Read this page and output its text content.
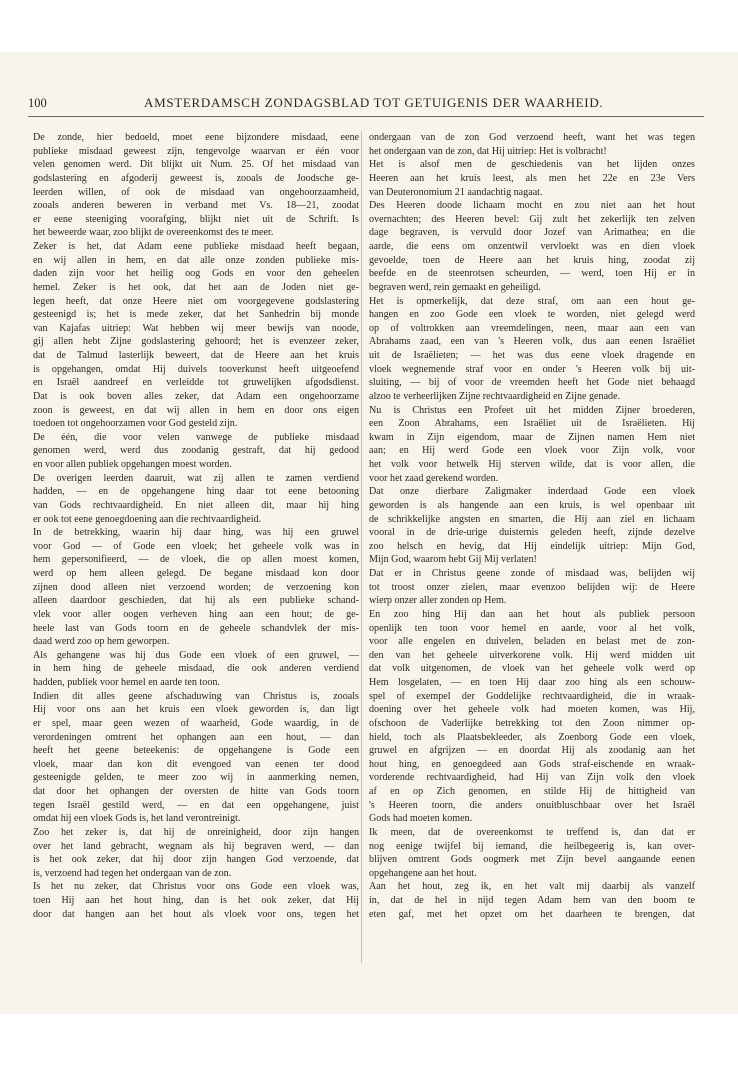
100	AMSTERDAMSCH ZONDAGSBLAD TOT GETUIGENIS DER WAARHEID.
De zonde, hier bedoeld, moet eene bijzondere misdaad, eene
publieke misdaad geweest zijn, tengevolge waarvan er één voor
velen genomen werd. Dit blijkt uit Num. 25. Of het misdaad van
godslastering en afgoderij geweest is, zooals de Joodsche ge-
leerden willen, of ook de misdaad van ongehoorzaamheid,
zooals anderen beweren in verband met Vs. 18—21, zoodat
er eene steeniging voorafging, blijkt niet uit de Schrift. Is
het beweerde waar, zoo blijkt de overeenkomst des te meer.
Zeker is het, dat Adam eene publieke misdaad heeft begaan,
en wij allen in hem, en dat alle onze zonden publieke mis-
daden zijn voor het heilig oog Gods en voor den geheelen
hemel. Zeker is het ook, dat het aan de Joden niet ge-
legen heeft, dat onze Heere niet om voorgegevene godslastering
gesteenigd is; het is mede zeker, dat het Sanhedrin bij monde
van Kajafas uitriep: Wat hebben wij meer bewijs van noode,
gij allen hebt Zijne godslastering gehoord; het is evenzeer zeker,
dat de Talmud lasterlijk beweert, dat de Heere aan het kruis
is opgehangen, omdat Hij duivels tooverkunst heeft uitgeoefend
en Israël aandreef en verleidde tot gruwelijken afgodsdienst.
Dat is ook boven alles zeker, dat Adam een ongehoorzame
zoon is geweest, en dat wij allen in hem en door ons eigen
toedoen tot ongehoorzamen voor God gesteld zijn.
De één, die voor velen vanwege de publieke misdaad
genomen werd, werd dus zoodanig gestraft, dat hij gedood
en voor allen publiek opgehangen moest worden.
De overigen leerden daaruit, wat zij allen te zamen verdiend
hadden, — en de opgehangene hing daar tot eene betooning
van Gods rechtvaardigheid. En niet alleen dit, maar hij hing
er ook tot eene genoegdoening aan die rechtvaardigheid.
In de betrekking, waarin hij daar hing, was hij een gruwel
voor God — of Gode een vloek; het geheele volk was in
hem gepersonifieerd, — de vloek, die op allen moest komen,
werd op hem alleen gelegd. De begane misdaad kon door
zijnen dood alleen niet verzoend worden; de verzoening kon
alleen daardoor geschieden, dat hij als een publieke schand-
vlek voor aller oogen verheven hing aan een hout; de ge-
heele last van Gods toorn en de geheele schandvlek der mis-
daad werd zoo op hem geworpen.
Als gehangene was hij dus Gode een vloek of een gruwel, —
in hem hing de geheele misdaad, die ook anderen verdiend
hadden, publiek voor hemel en aarde ten toon.
Indien dit alles geene afschaduwing van Christus is, zooals
Hij voor ons aan het kruis een vloek geworden is, dan ligt
er spel, maar geen wezen of waarheid, Gode waardig, in de
verordeningen omtrent het ophangen aan een hout, — dan
heeft het geene beteekenis: de opgehangene is Gode een
vloek, maar dan kon dit evengoed van eenen ter dood
gesteenigde gelden, te meer zoo wij in aanmerking nemen,
dat door het ophangen der oversten de hitte van Gods toorn
tegen Israël gestild werd, — en dat een opgehangene, juist
omdat hij een vloek Gods is, het land verontreinigt.
Zoo het zeker is, dat hij de onreinigheid, door zijn hangen
over het land gebracht, wegnam als hij begraven werd, — dan
is het ook zeker, dat hij door zijn hangen God verzoende, dat
is, verzoend had tegen het ondergaan van de zon.
Is het nu zeker, dat Christus voor ons Gode een vloek was,
toen Hij aan het hout hing, dan is het ook zeker, dat Hij
door dat hangen aan het hout als vloek voor ons, tegen het
ondergaan van de zon God verzoend heeft, want het was tegen
het ondergaan van de zon, dat Hij uitriep: Het is volbracht!
Het is alsof men de geschiedenis van het lijden onzes
Heeren aan het kruis leest, als men het 22e en 23e Vers
van Deuteronomium 21 aandachtig nagaat.
Des Heeren doode lichaam mocht en zou niet aan het hout
overnachten; des Heeren bevel: Gij zult het zekerlijk ten zelven
dage begraven, is vervuld door Jozef van Arimathea; en die
aarde, die eens om onzentwil vervloekt was en dien vloek
gevoelde, toen de Heere aan het kruis hing, zoodat zij
beefde en de steenrotsen scheurden, — werd, toen Hij er in
begraven werd, rein gemaakt en geheiligd.
Het is opmerkelijk, dat deze straf, om aan een hout ge-
hangen en zoo Gode een vloek te worden, niet gelegd werd
op of voltrokken aan vreemdelingen, neen, maar aan een van
Abrahams zaad, een van 's Heeren volk, dus aan eenen Israëliet
uit de Israëlieten; — het was dus eene vloek dragende en
vloek wegnemende straf voor en onder 's Heeren volk bij uit-
sluiting, — bij of voor de vreemden heeft het Gode niet behaagd
alzoo te verheerlijken Zijne rechtvaardigheid en Zijne genade.
Nu is Christus een Profeet uit het midden Zijner broederen,
een Zoon Abrahams, een Israëliet uit de Israëlieten. Hij
kwam in Zijn eigendom, maar de Zijnen namen Hem niet
aan; en Hij werd Gode een vloek voor Zijn volk, voor
het volk voor hetwelk Hij sterven wilde, dat is voor allen, die
voor het zaad gerekend worden.
Dat onze dierbare Zaligmaker inderdaad Gode een vloek
geworden is als hangende aan een kruis, is wel openbaar uit
de schrikkelijke angsten en smarten, die Hij aan ziel en lichaam
vooral in de drie-urige duisternis geleden heeft, zijnde dezelve
zoo helsch en hevig, dat Hij eindelijk uitriep: Mijn God,
Mijn God, waarom hebt Gij Mij verlaten!
Dat er in Christus geene zonde of misdaad was, belijden wij
tot troost onzer zielen, maar evenzoo belijden wij: de Heere
wierp onzer aller zonden op Hem.
En zoo hing Hij dan aan het hout als publiek persoon
openlijk ten toon voor hemel en aarde, voor al het volk,
voor alle engelen en duivelen, beladen en belast met de zon-
den van het geheele uitverkorene volk. Hij werd midden uit
dat volk uitgenomen, de vloek van het geheele volk werd op
Hem losgelaten, — en toen Hij daar zoo hing als een schouw-
spel of exempel der Goddelijke rechtvaardigheid, die in wraak-
doening over het geheele volk had moeten komen, was Hij,
ofschoon de Vaderlijke betrekking tot den Zoon nimmer op-
hield, toch als Plaatsbekleeder, als Zoenborg Gode een vloek,
gruwel en afgrijzen — en doordat Hij als zoodanig aan het
hout hing, en genoegdeed aan Gods straf-eischende en wraak-
vorderende rechtvaardigheid, had Hij van Zijn volk den vloek
af en op Zich genomen, en stilde Hij de hittigheid van
's Heeren toorn, die anders onuitbluschbaar over het Israël
Gods had moeten komen.
Ik meen, dat de overeenkomst te treffend is, dan dat er
nog eenige twijfel bij iemand, die heilbegeerig is, kan over-
blijven omtrent Gods oogmerk met Zijn bevel aangaande eenen
opgehangene aan het hout.
Aan het hout, zeg ik, en het valt mij daarbij als vanzelf
in, dat de hel in nijd tegen Adam hem van den boom te
eten gaf, met het opzet om het daarheen te brengen, dat
